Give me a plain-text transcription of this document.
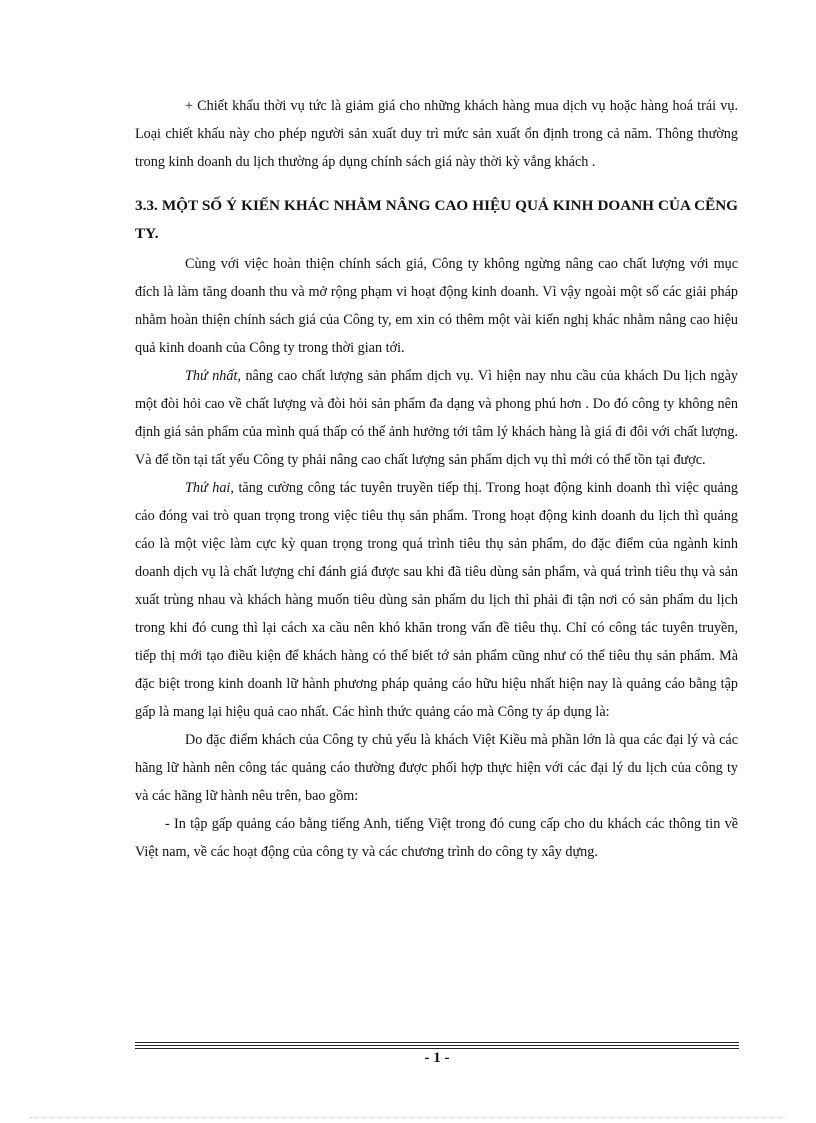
+ Chiết khấu thời vụ tức là giảm giá cho những khách hàng mua dịch vụ hoặc hàng hoá trái vụ. Loại chiết khấu này cho phép người sản xuất duy trì mức sản xuất ổn định trong cả năm. Thông thường trong kinh doanh du lịch thường áp dụng chính sách giá này thời kỳ vắng khách .

3.3. MỘT SỐ Ý KIẾN KHÁC NHẰM NÂNG CAO HIỆU QUẢ KINH DOANH CỦA CẼNG TY.

Cùng với việc hoàn thiện chính sách giá, Công ty không ngừng nâng cao chất lượng với mục đích là làm tăng doanh thu và mở rộng phạm vi hoạt động kinh doanh. Vì vậy ngoài một số các giải pháp nhằm hoàn thiện chính sách giá của Công ty, em xin có thêm một vài kiến nghị khác nhằm nâng cao hiệu quả kinh doanh của Công ty trong thời gian tới.

Thứ nhất, nâng cao chất lượng sản phẩm dịch vụ. Vì hiện nay nhu cầu của khách Du lịch ngày một đòi hỏi cao về chất lượng và đòi hỏi sản phẩm đa dạng và phong phú hơn . Do đó công ty không nên định giá sản phẩm của mình quá thấp có thể ảnh hưởng tới tâm lý khách hàng là giá đi đôi với chất lượng. Và để tồn tại tất yếu Công ty phải nâng cao chất lượng sản phẩm dịch vụ thì mới có thể tồn tại được.

Thứ hai, tăng cường công tác tuyên truyền tiếp thị. Trong hoạt động kinh doanh thì việc quảng cáo đóng vai trò quan trọng trong việc tiêu thụ sản phẩm. Trong hoạt động kinh doanh du lịch thì quảng cáo là một việc làm cực kỳ quan trọng trong quá trình tiêu thụ sản phẩm, do đặc điểm của ngành kinh doanh dịch vụ là chất lượng chỉ đánh giá được sau khi đã tiêu dùng sản phẩm, và quá trình tiêu thụ và sản xuất trùng nhau và khách hàng muốn tiêu dùng sản phẩm du lịch thì phải đi tận nơi có sản phẩm du lịch trong khi đó cung thì lại cách xa cầu nên khó khăn trong vấn đề tiêu thụ. Chỉ có công tác tuyên truyền, tiếp thị mới tạo điều kiện để khách hàng có thể biết tớ sản phẩm cũng như có thể tiêu thụ sản phẩm. Mà đặc biệt trong kinh doanh lữ hành phương pháp quảng cáo hữu hiệu nhất hiện nay là quảng cáo bằng tập gấp là mang lại hiệu quả cao nhất. Các hình thức quảng cáo mà Công ty áp dụng là:

Do đặc điểm khách của Công ty chủ yếu là khách Việt Kiều mà phần lớn là qua các đại lý và các hãng lữ hành nên công tác quảng cáo thường được phối hợp thực hiện với các đại lý du lịch của công ty và các hãng lữ hành nêu trên, bao gồm:

- In tập gấp quảng cáo bằng tiếng Anh, tiếng Việt trong đó cung cấp cho du khách các thông tin về Việt nam, về các hoạt động của công ty và các chương trình do công ty xây dựng.

- 1 -
